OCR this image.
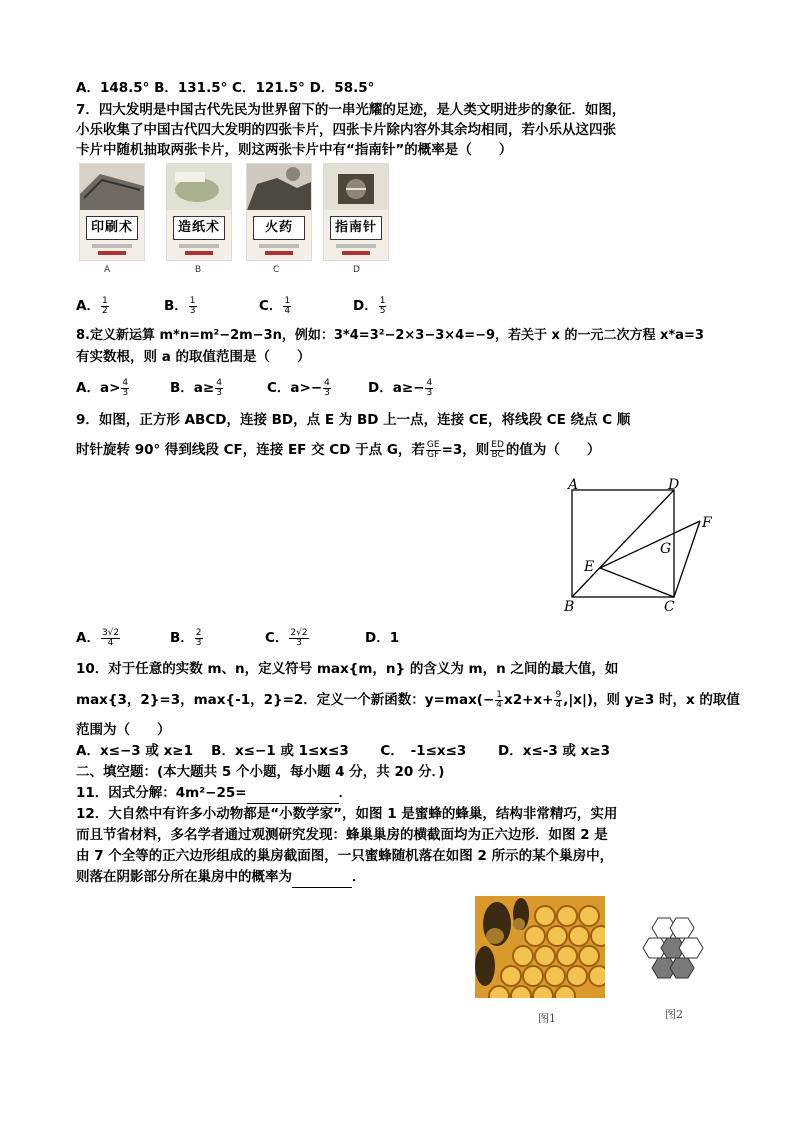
A．148.5° B．131.5° C．121.5° D．58.5°
7．四大发明是中国古代先民为世界留下的一串光耀的足迹，是人类文明进步的象征．如图，
小乐收集了中国古代四大发明的四张卡片，四张卡片除内容外其余均相同，若小乐从这四张
卡片中随机抽取两张卡片，则这两张卡片中有“指南针”的概率是（　　）
印刷术	造纸术	火药	指南针
A	B	C	D
A． $\frac{1}{2}$	B． $\frac{1}{3}$	C． $\frac{1}{4}$	D． $\frac{1}{5}$
8.定义新运算 m*n=m²−2m−3n，例如：3*4=3²−2×3−3×4=−9，若关于 x 的一元二次方程 x*a=3
有实数根，则 a 的取值范围是（　　）
A．$a> \frac{4}{3}$	B．$a\ge \frac{4}{3}$	C．$a>- \frac{4}{3}$	D．$a\ge- \frac{4}{3}$
9．如图，正方形 ABCD，连接 BD，点 E 为 BD 上一点，连接 CE，将线段 CE 绕点 C 顺
时针旋转 90° 得到线段 CF，连接 EF 交 CD 于点 G，若 $\frac{GE}{GF} =3$，则 $\frac{ED}{BC}$ 的值为（　　）
A	D
B	C
E
F
G
A． $\frac{3√2}{4}$	B． $\frac{2}{3}$	C． $\frac{2√2}{3}$	D．1
10．对于任意的实数 m、n，定义符号 max{m，n} 的含义为 m，n 之间的最大值，如
max{3，2}=3，max{-1，2}=2．定义一个新函数：$y=\max(- \frac{1}{4} x2+x+ \frac{9}{4} ,|x|)$，则 y≥3 时，x 的取值
范围为（　　）
A．x≤−3 或 x≥1　 B．x≤−1 或 1≤x≤3　　 C．　-1≤x≤3　　 D．x≤-3 或 x≥3
二、填空题：(本大题共 5 个小题，每小题 4 分，共 20 分．)
11．因式分解：4m²−25=	．
12．大自然中有许多小动物都是“小数学家”，如图 1 是蜜蜂的蜂巢，结构非常精巧，实用
而且节省材料，多名学者通过观测研究发现：蜂巢巢房的横截面均为正六边形．如图 2 是
由 7 个全等的正六边形组成的巢房截面图，一只蜜蜂随机落在如图 2 所示的某个巢房中，
则落在阴影部分所在巢房中的概率为	．
图1	图2
